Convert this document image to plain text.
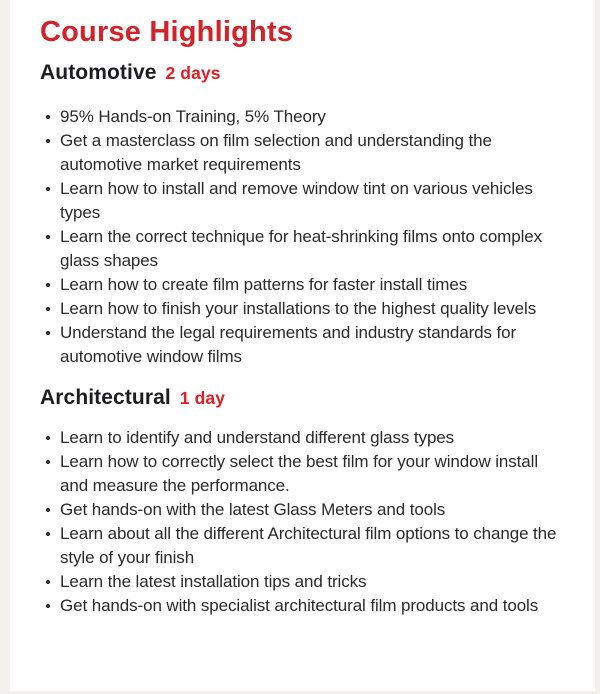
Course Highlights
Automotive 2 days
95% Hands-on Training, 5% Theory
Get a masterclass on film selection and understanding the automotive market requirements
Learn how to install and remove window tint on various vehicles types
Learn the correct technique for heat-shrinking films onto complex glass shapes
Learn how to create film patterns for faster install times
Learn how to finish your installations to the highest quality levels
Understand the legal requirements and industry standards for automotive window films
Architectural 1 day
Learn to identify and understand different glass types
Learn how to correctly select the best film for your window install and measure the performance.
Get hands-on with the latest Glass Meters and tools
Learn about all the different Architectural film options to change the style of your finish
Learn the latest installation tips and tricks
Get hands-on with specialist architectural film products and tools
